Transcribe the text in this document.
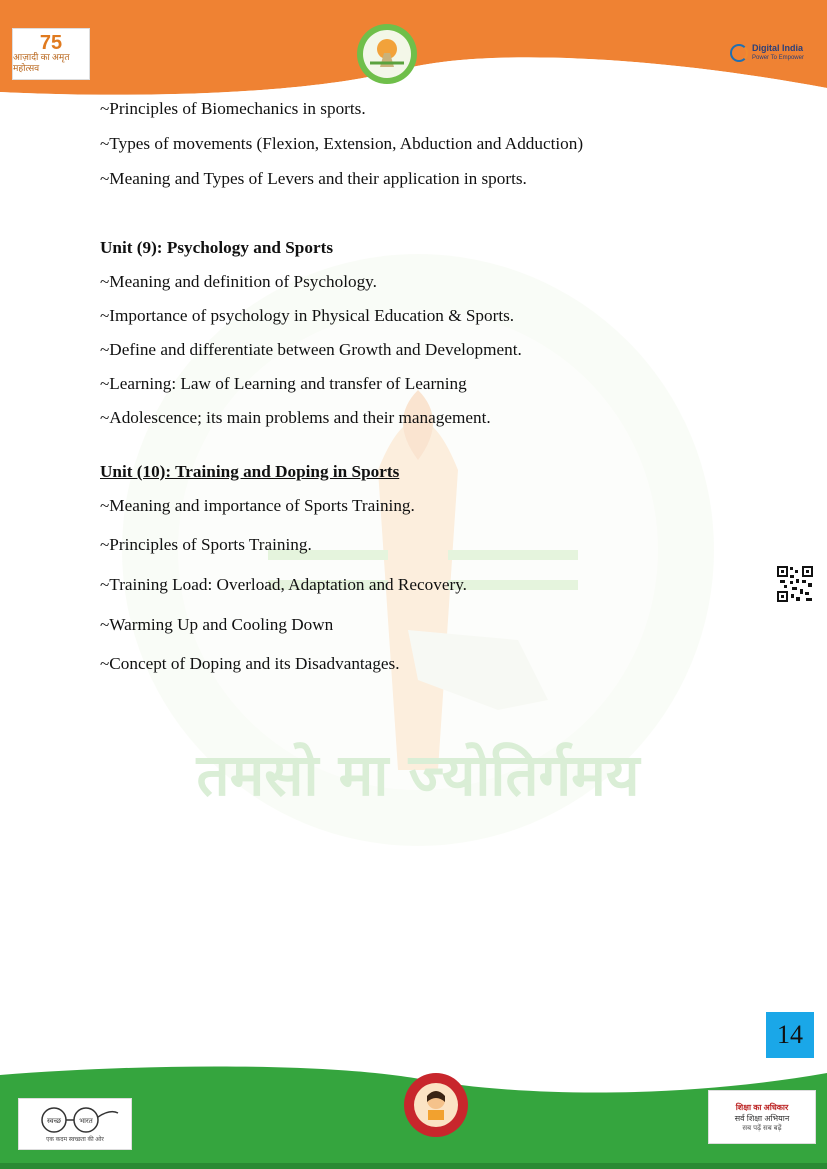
75
आज़ादी का अमृत महोत्सव
Digital India
Power To Empower
तमसो मा ज्योतिर्गमय
~Principles of Biomechanics in sports.
~Types of movements (Flexion, Extension, Abduction and Adduction)
~Meaning and Types of Levers and their application in sports.
Unit (9): Psychology and Sports
~Meaning and definition of Psychology.
~Importance of psychology in Physical Education & Sports.
~Define and differentiate between Growth and Development.
~Learning: Law of Learning and transfer of Learning
~Adolescence; its main problems and their management.
Unit (10): Training and Doping in Sports
~Meaning and importance of Sports Training.
~Principles of Sports Training.
~Training Load: Overload, Adaptation and Recovery.
~Warming Up and Cooling Down
~Concept of Doping and its Disadvantages.
14
स्वच्छ	भारत
एक कदम स्वच्छता की ओर
शिक्षा का अधिकार
सर्व शिक्षा अभियान
सब पढ़ें सब बढ़ें
